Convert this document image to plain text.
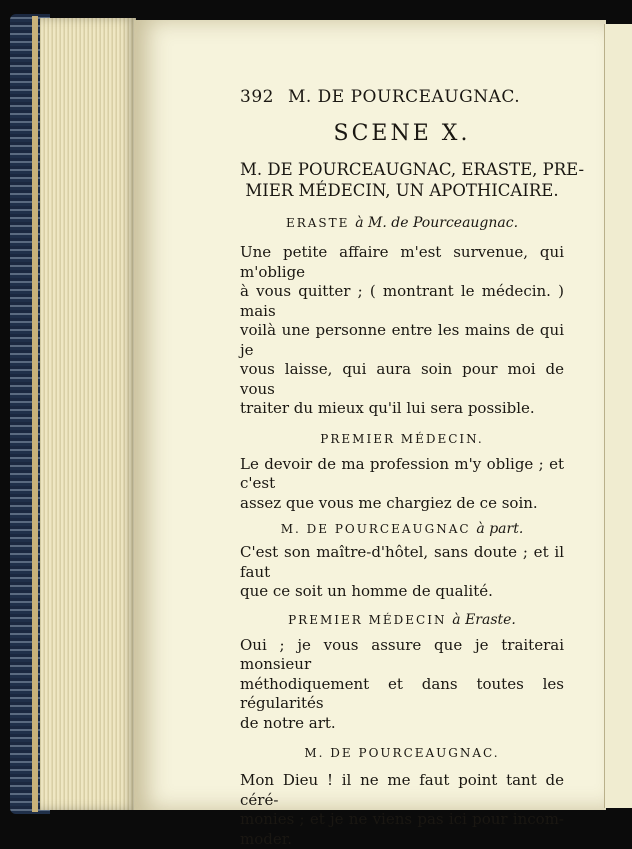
392 M. DE POURCEAUGNAC.
SCENE X.
M. DE POURCEAUGNAC, ERASTE, PRE-
MIER MÉDECIN, UN APOTHICAIRE.
ERASTE à M. de Pourceaugnac.
Une petite affaire m'est survenue, qui m'oblige
à vous quitter ; ( montrant le médecin. ) mais
voilà une personne entre les mains de qui je
vous laisse, qui aura soin pour moi de vous
traiter du mieux qu'il lui sera possible.
PREMIER MÉDECIN.
Le devoir de ma profession m'y oblige ; et c'est
assez que vous me chargiez de ce soin.
M. DE POURCEAUGNAC à part.
C'est son maître-d'hôtel, sans doute ; et il faut
que ce soit un homme de qualité.
PREMIER MÉDECIN à Eraste.
Oui ; je vous assure que je traiterai monsieur
méthodiquement et dans toutes les régularités
de notre art.
M. DE POURCEAUGNAC.
Mon Dieu ! il ne me faut point tant de céré-
monies ; et je ne viens pas ici pour incom-
moder.
